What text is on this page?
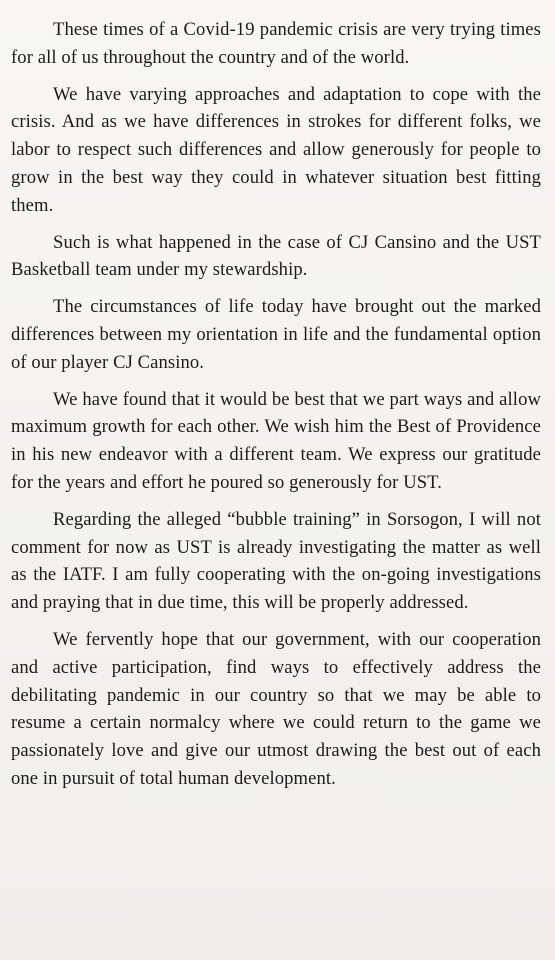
These times of a Covid-19 pandemic crisis are very trying times for all of us throughout the country and of the world.

We have varying approaches and adaptation to cope with the crisis. And as we have differences in strokes for different folks, we labor to respect such differences and allow generously for people to grow in the best way they could in whatever situation best fitting them.

Such is what happened in the case of CJ Cansino and the UST Basketball team under my stewardship.

The circumstances of life today have brought out the marked differences between my orientation in life and the fundamental option of our player CJ Cansino.

We have found that it would be best that we part ways and allow maximum growth for each other. We wish him the Best of Providence in his new endeavor with a different team. We express our gratitude for the years and effort he poured so generously for UST.

Regarding the alleged “bubble training” in Sorsogon, I will not comment for now as UST is already investigating the matter as well as the IATF. I am fully cooperating with the on-going investigations and praying that in due time, this will be properly addressed.

We fervently hope that our government, with our cooperation and active participation, find ways to effectively address the debilitating pandemic in our country so that we may be able to resume a certain normalcy where we could return to the game we passionately love and give our utmost drawing the best out of each one in pursuit of total human development.
